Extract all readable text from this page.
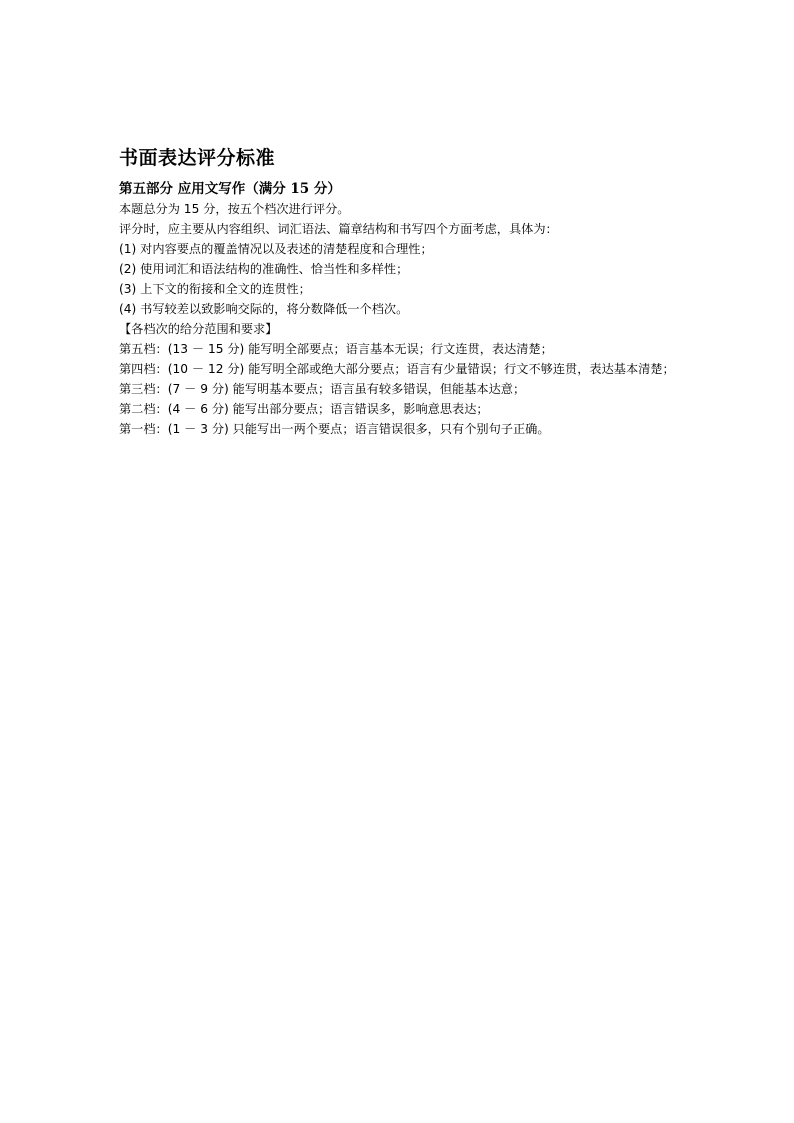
书面表达评分标准

第五部分 应用文写作（满分 15 分）

本题总分为 15 分，按五个档次进行评分。

评分时，应主要从内容组织、词汇语法、篇章结构和书写四个方面考虑，具体为：

(1) 对内容要点的覆盖情况以及表述的清楚程度和合理性；

(2) 使用词汇和语法结构的准确性、恰当性和多样性；

(3) 上下文的衔接和全文的连贯性；

(4) 书写较差以致影响交际的，将分数降低一个档次。

【各档次的给分范围和要求】

第五档：(13 － 15 分) 能写明全部要点；语言基本无误；行文连贯，表达清楚；

第四档：(10 － 12 分) 能写明全部或绝大部分要点；语言有少量错误；行文不够连贯，表达基本清楚；

第三档：(7 － 9 分) 能写明基本要点；语言虽有较多错误，但能基本达意；

第二档：(4 － 6 分) 能写出部分要点；语言错误多，影响意思表达；

第一档：(1 － 3 分) 只能写出一两个要点；语言错误很多，只有个别句子正确。
